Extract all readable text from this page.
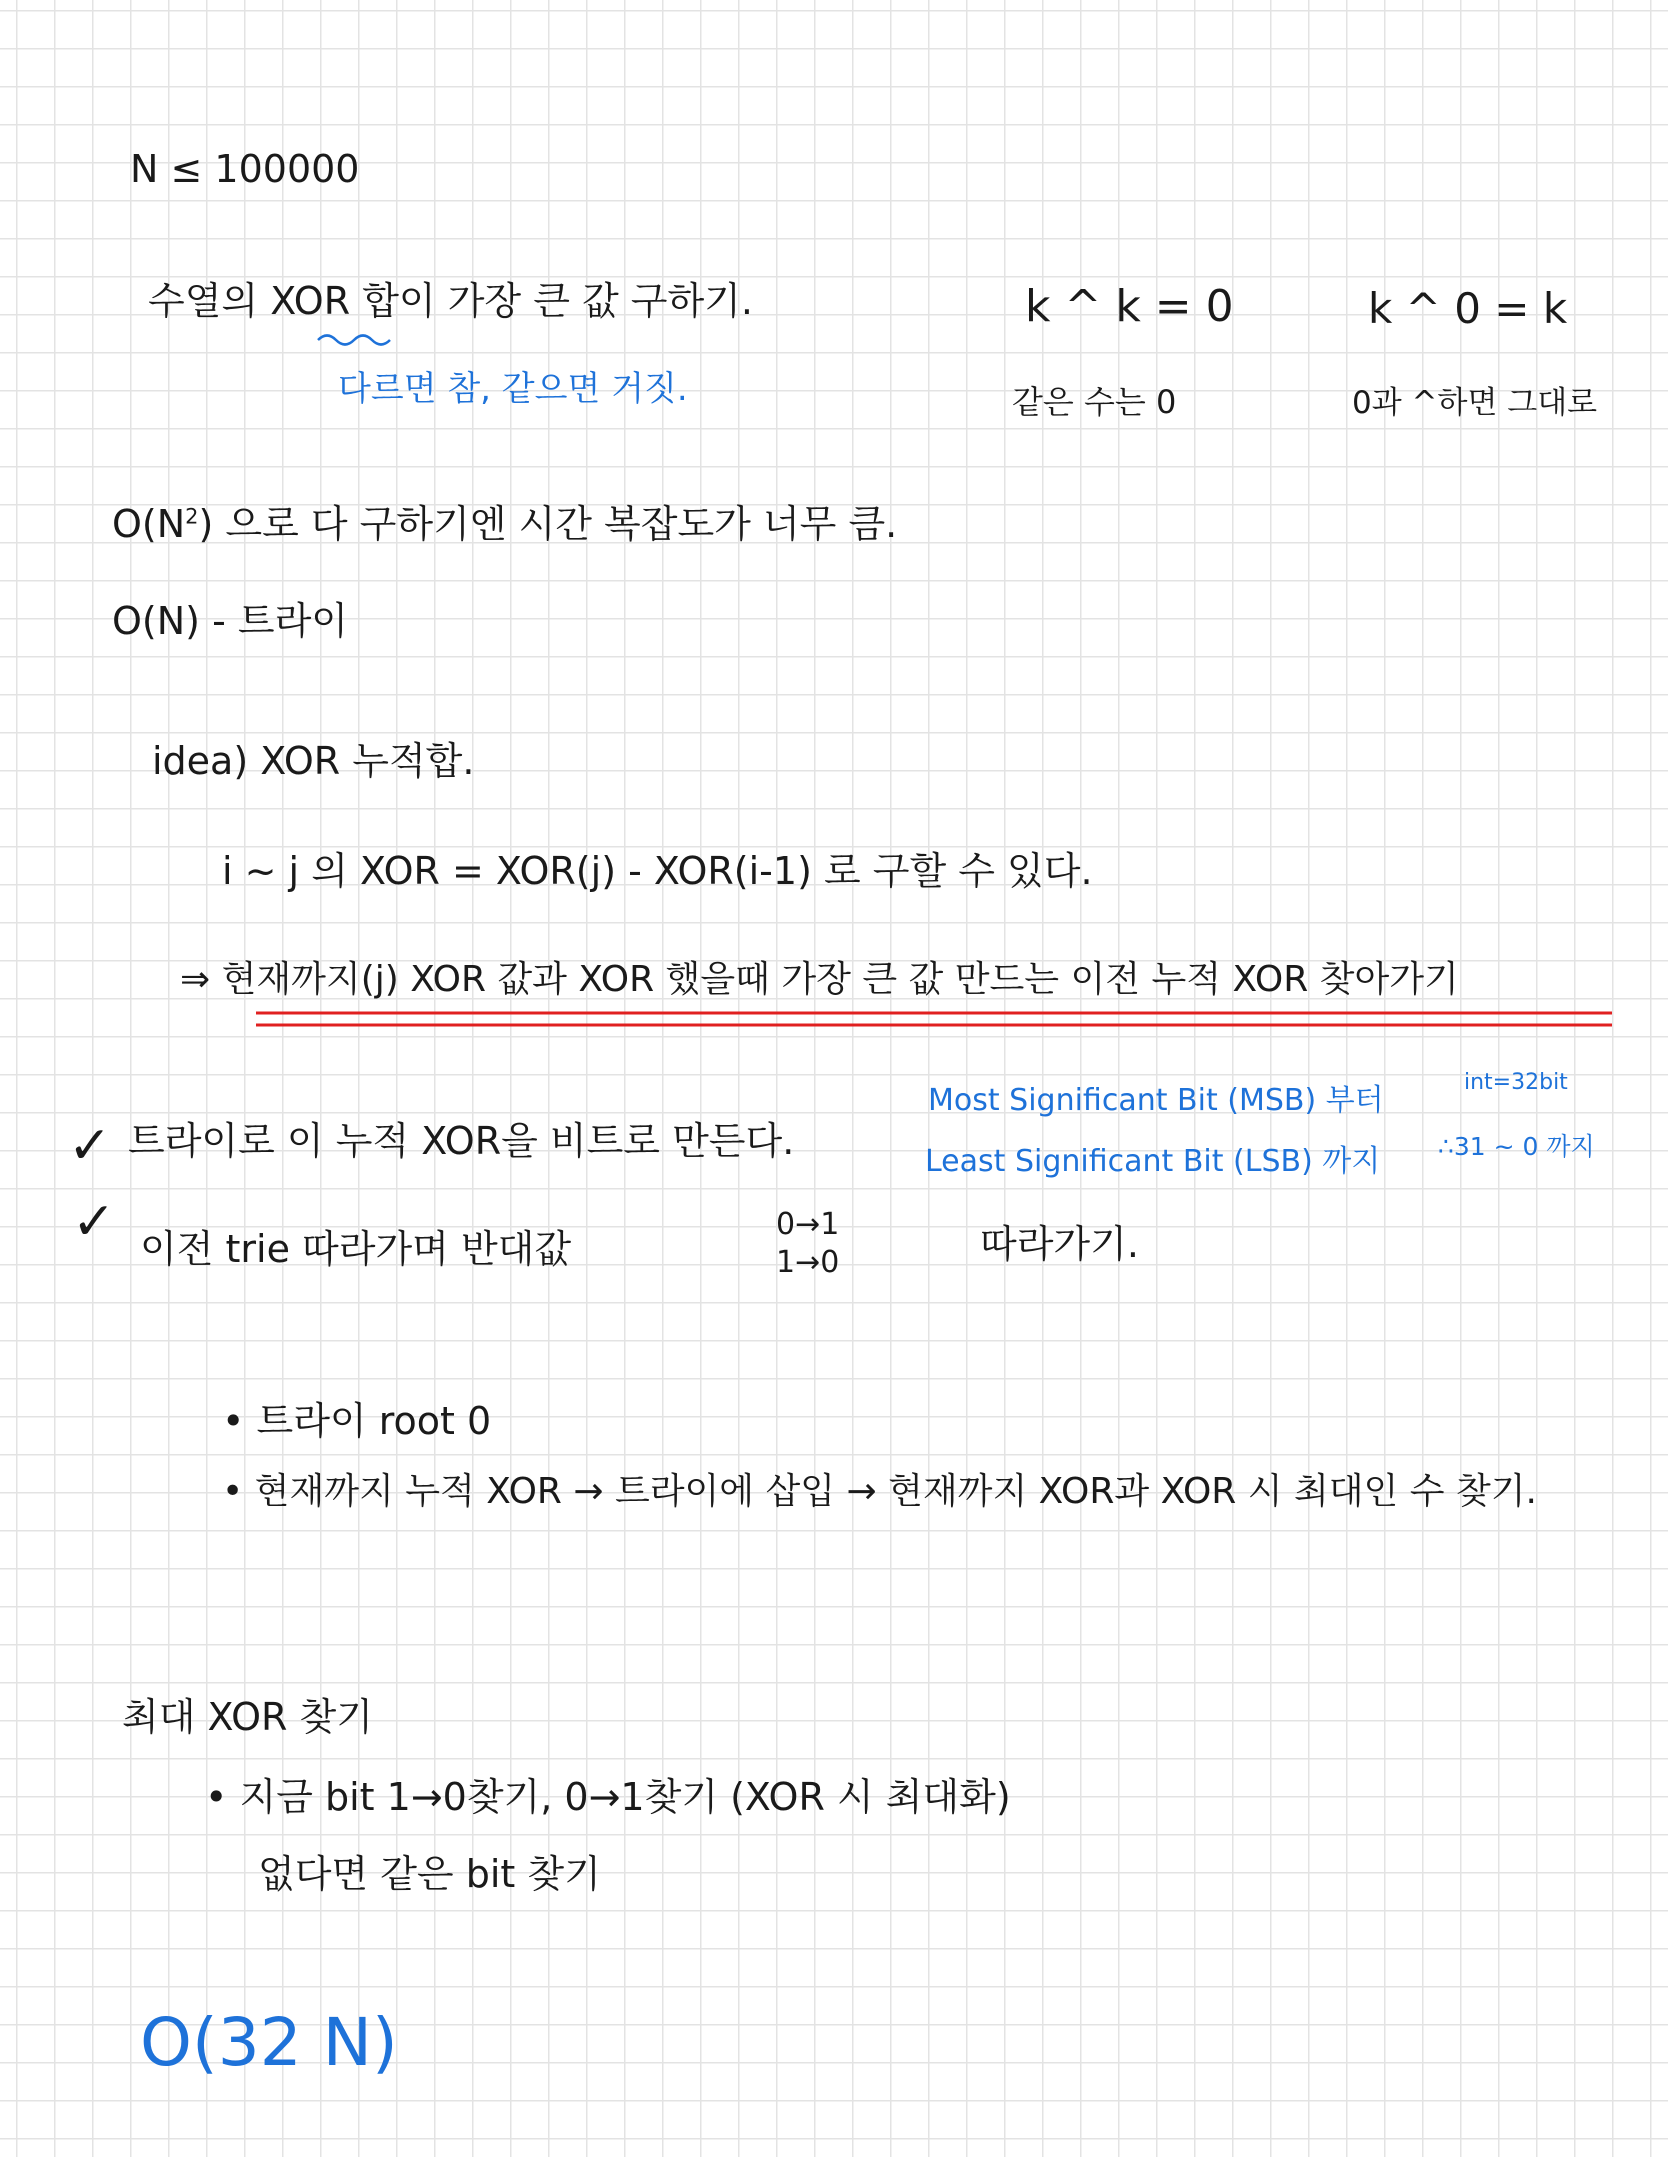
N ≤ 100000
수열의 XOR 합이 가장 큰 값 구하기.
다르면 참, 같으면 거짓.
k ^ k = 0
같은 수는 0
k ^ 0 = k
0과 ^하면 그대로
$O(N^2)$ 으로 다 구하기엔 시간 복잡도가 너무 큼.
O(N) - 트라이
idea) XOR 누적합.
i ~ j 의 XOR = XOR(j) - XOR(i-1) 로 구할 수 있다.
⇒ 현재까지(j) XOR 값과 XOR 했을때 가장 큰 값 만드는 이전 누적 XOR 찾아가기
✓ 트라이로 이 누적 XOR을 비트로 만든다.
✓ 이전 trie 따라가며 반대값
0→1
1→0	따라가기.
Most Significant Bit (MSB) 부터
Least Significant Bit (LSB) 까지
int=32bit
∴31 ~ 0 까지
• 트라이 root 0
• 현재까지 누적 XOR → 트라이에 삽입 → 현재까지 XOR과 XOR 시 최대인 수 찾기.
최대 XOR 찾기
• 지금 bit 1→0찾기, 0→1찾기 (XOR 시 최대화)
없다면 같은 bit 찾기
O(32 N)
